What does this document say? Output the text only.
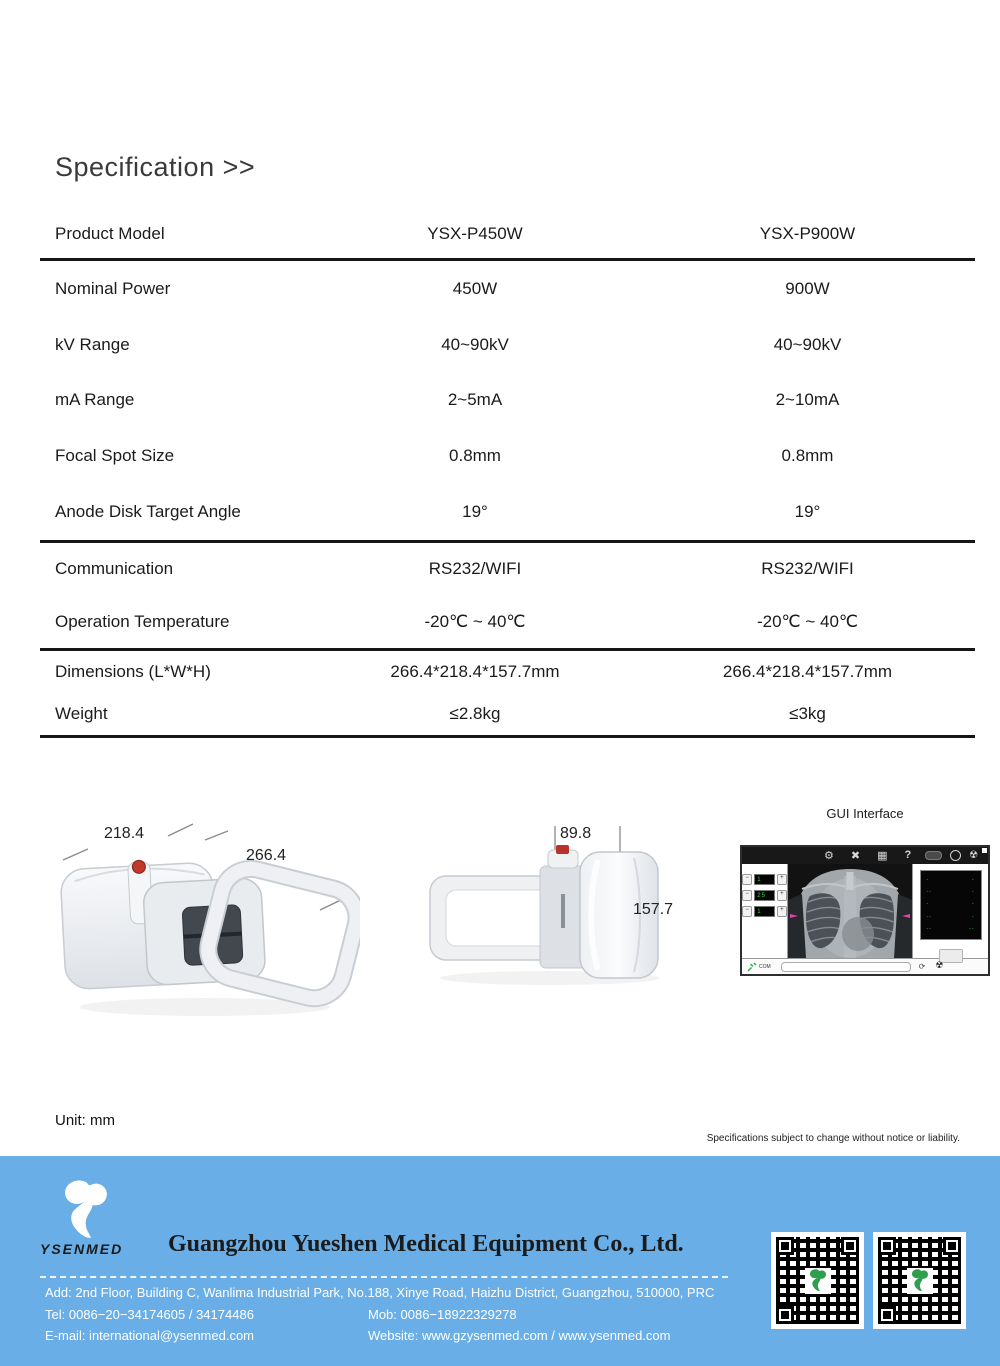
Specification >>
Product Model	YSX-P450W	YSX-P900W
Nominal Power	450W	900W
kV Range	40~90kV	40~90kV
mA Range	2~5mA	2~10mA
Focal Spot Size	0.8mm	0.8mm
Anode Disk Target Angle	19°	19°
Communication	RS232/WIFI	RS232/WIFI
Operation Temperature	-20℃ ~ 40℃	-20℃ ~ 40℃
Dimensions (L*W*H)	266.4*218.4*157.7mm	266.4*218.4*157.7mm
Weight	≤2.8kg	≤3kg
218.4
266.4
89.8
157.7
GUI Interface
⚙ ✖ ▦ ?	☢
−	1	+
−	25	+
−	1	+
-	-
--	-
-	-
--	-
--	--
COM	⟳ ☢
Unit: mm
Specifications subject to change without notice or liability.
YSENMED Guangzhou Yueshen Medical Equipment Co., Ltd.
Add: 2nd Floor, Building C, Wanlima Industrial Park, No.188, Xinye Road, Haizhu District, Guangzhou, 510000, PRC
Tel: 0086−20−34174605 / 34174486	Mob: 0086−18922329278
E-mail: international@ysenmed.com	Website: www.gzysenmed.com / www.ysenmed.com
